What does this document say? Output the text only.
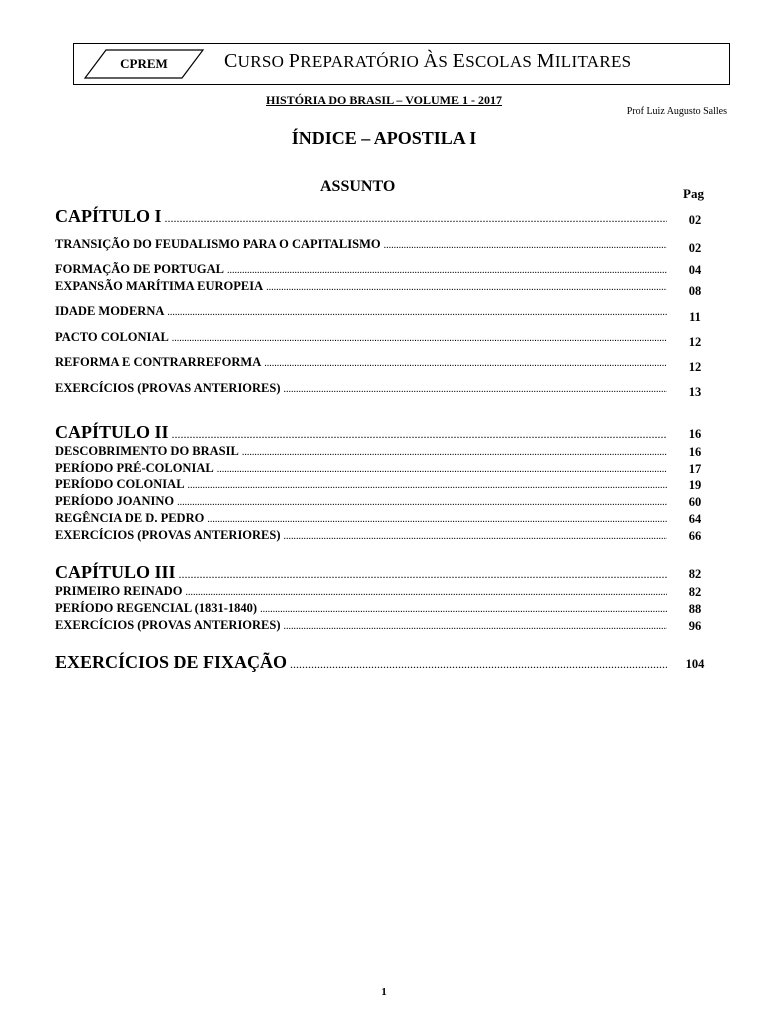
CPREM	CURSO PREPARATÓRIO ÀS ESCOLAS MILITARES
HISTÓRIA DO BRASIL – VOLUME 1 - 2017
Prof Luiz Augusto Salles
ÍNDICE – APOSTILA I
ASSUNTO	Pag
CAPÍTULO I .....	02
TRANSIÇÃO DO FEUDALISMO PARA O CAPITALISMO .....	02
FORMAÇÃO DE PORTUGAL .....	04
EXPANSÃO MARÍTIMA EUROPEIA .....	08
IDADE MODERNA .....	11
PACTO COLONIAL .....	12
REFORMA E CONTRARREFORMA .....	12
EXERCÍCIOS (PROVAS ANTERIORES) .....	13
CAPÍTULO II .....	16
DESCOBRIMENTO DO BRASIL .....	16
PERÍODO PRÉ-COLONIAL .....	17
PERÍODO COLONIAL .....	19
PERÍODO JOANINO .....	60
REGÊNCIA DE D. PEDRO .....	64
EXERCÍCIOS (PROVAS ANTERIORES) .....	66
CAPÍTULO III .....	82
PRIMEIRO REINADO .....	82
PERÍODO REGENCIAL (1831-1840) .....	88
EXERCÍCIOS (PROVAS ANTERIORES) .....	96
EXERCÍCIOS DE FIXAÇÃO .....	104
1
